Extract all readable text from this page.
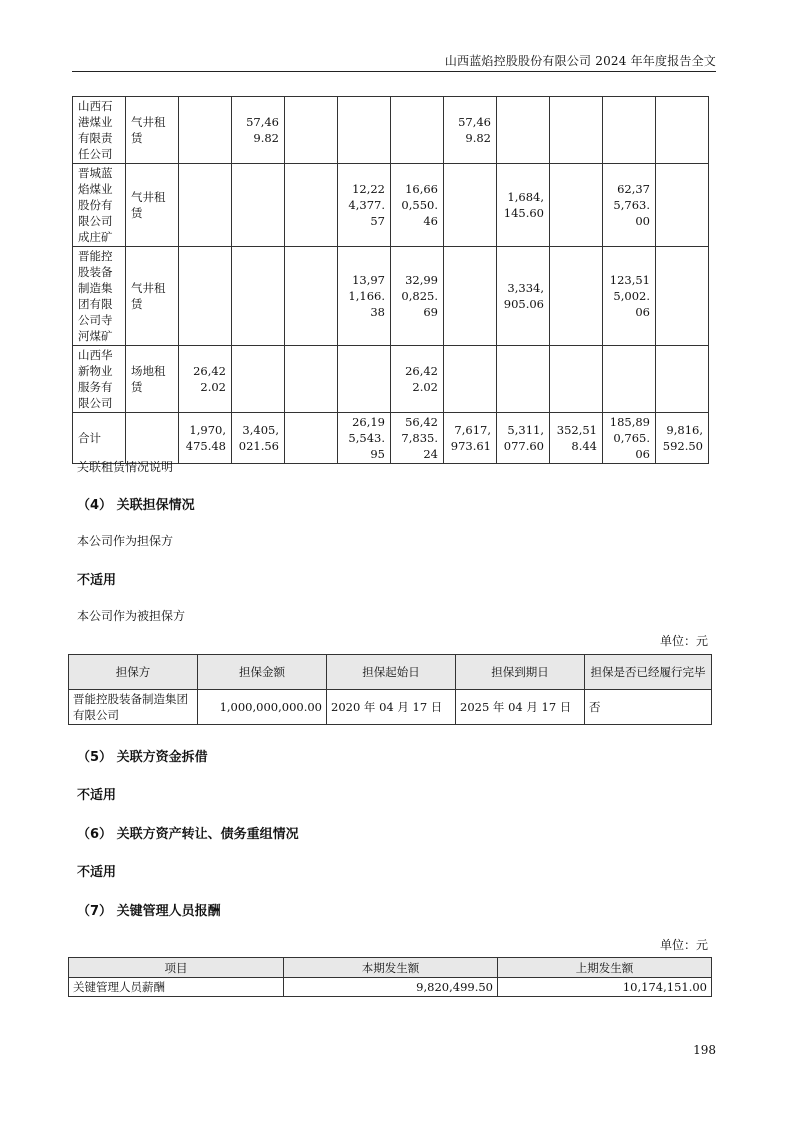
山西蓝焰控股股份有限公司 2024 年年度报告全文
山西石港煤业有限责任公司	气井租赁		57,469.82				57,469.82				
晋城蓝焰煤业股份有限公司成庄矿	气井租赁				12,224,377.57	16,660,550.46		1,684,145.60		62,375,763.00	
晋能控股装备制造集团有限公司寺河煤矿	气井租赁				13,971,166.38	32,990,825.69		3,334,905.06		123,515,002.06	
山西华新物业服务有限公司	场地租赁	26,422.02				26,422.02					
合计		1,970,475.48	3,405,021.56		26,195,543.95	56,427,835.24	7,617,973.61	5,311,077.60	352,518.44	185,890,765.06	9,816,592.50
关联租赁情况说明
（4） 关联担保情况
本公司作为担保方
不适用
本公司作为被担保方
单位：元
担保方	担保金额	担保起始日	担保到期日	担保是否已经履行完毕
晋能控股装备制造集团有限公司	1,000,000,000.00	2020 年 04 月 17 日	2025 年 04 月 17 日	否
（5） 关联方资金拆借
不适用
（6） 关联方资产转让、债务重组情况
不适用
（7） 关键管理人员报酬
单位：元
项目	本期发生额	上期发生额
关键管理人员薪酬	9,820,499.50	10,174,151.00
198
